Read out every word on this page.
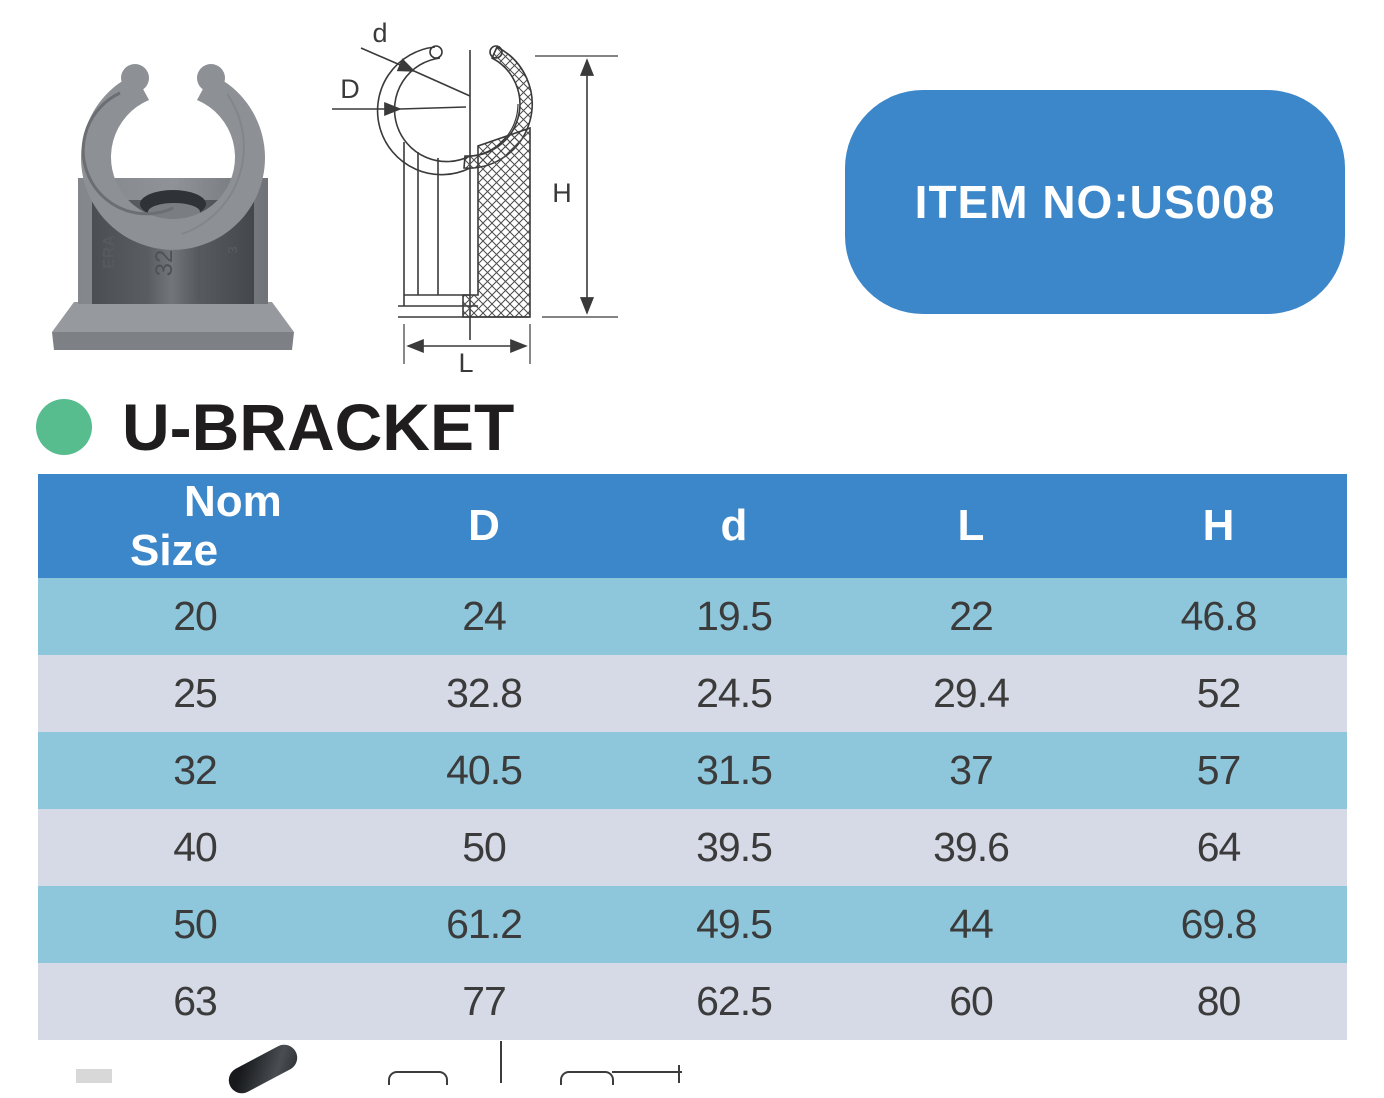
ERA 32	3
d
D
H
L
ITEM NO:US008
U-BRACKET
Nom
Size	D	d	L	H
20	24	19.5	22	46.8
25	32.8	24.5	29.4	52
32	40.5	31.5	37	57
40	50	39.5	39.6	64
50	61.2	49.5	44	69.8
63	77	62.5	60	80
